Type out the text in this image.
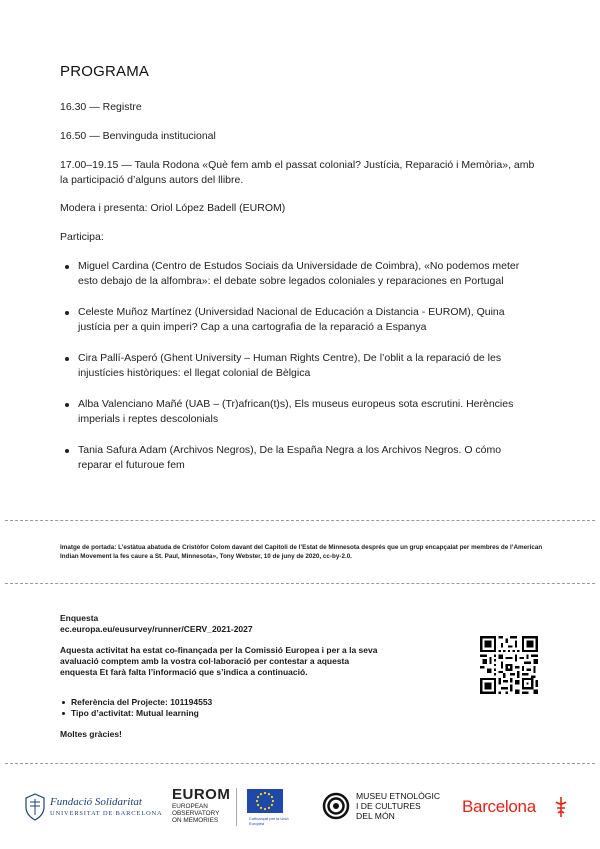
PROGRAMA
16.30 — Registre
16.50 — Benvinguda institucional
17.00–19.15 — Taula Rodona «Què fem amb el passat colonial? Justícia, Reparació i Memòria», amb la participació d’alguns autors del llibre.
Modera i presenta: Oriol López Badell (EUROM)
Participa:
Miguel Cardina (Centro de Estudos Sociais da Universidade de Coimbra), «No podemos meter esto debajo de la alfombra»: el debate sobre legados coloniales y reparaciones en Portugal
Celeste Muñoz Martínez (Universidad Nacional de Educación a Distancia - EUROM), Quina justícia per a quin imperi? Cap a una cartografia de la reparació a Espanya
Cira Pallí-Asperó (Ghent University – Human Rights Centre), De l’oblit a la reparació de les injustícies històriques: el llegat colonial de Bèlgica
Alba Valenciano Mañé (UAB – (Tr)african(t)s), Els museus europeus sota escrutini. Herències imperials i reptes descolonials
Tania Safura Adam (Archivos Negros), De la España Negra a los Archivos Negros. O cómo reparar el futuroue fem
Imatge de portada: L’estàtua abatuda de Cristòfor Colom davant del Capitoli de l’Estat de Minnesota després que un grup encapçalat per membres de l’American Indian Movement la fes caure a St. Paul, Minnesota», Tony Webster, 10 de juny de 2020, cc-by-2.0.
Enquesta
ec.europa.eu/eusurvey/runner/CERV_2021-2027
Aquesta activitat ha estat co-finançada per la Comissió Europea i per a la seva avaluació comptem amb la vostra col·laboració per contestar a aquesta enquesta Et farà falta l’informació que s’indica a continuació.
Referència del Projecte: 101194553
Tipo d’activitat: Mutual learning
Moltes gràcies!
Fundació Solidaritat
UNIVERSITAT DE BARCELONA
EUROM
EUROPEAN
OBSERVATORY
ON MEMORIES	Cofinançat per la Unió Europea
MUSEU ETNOLÒGIC
I DE CULTURES
DEL MÓN	Barcelona
